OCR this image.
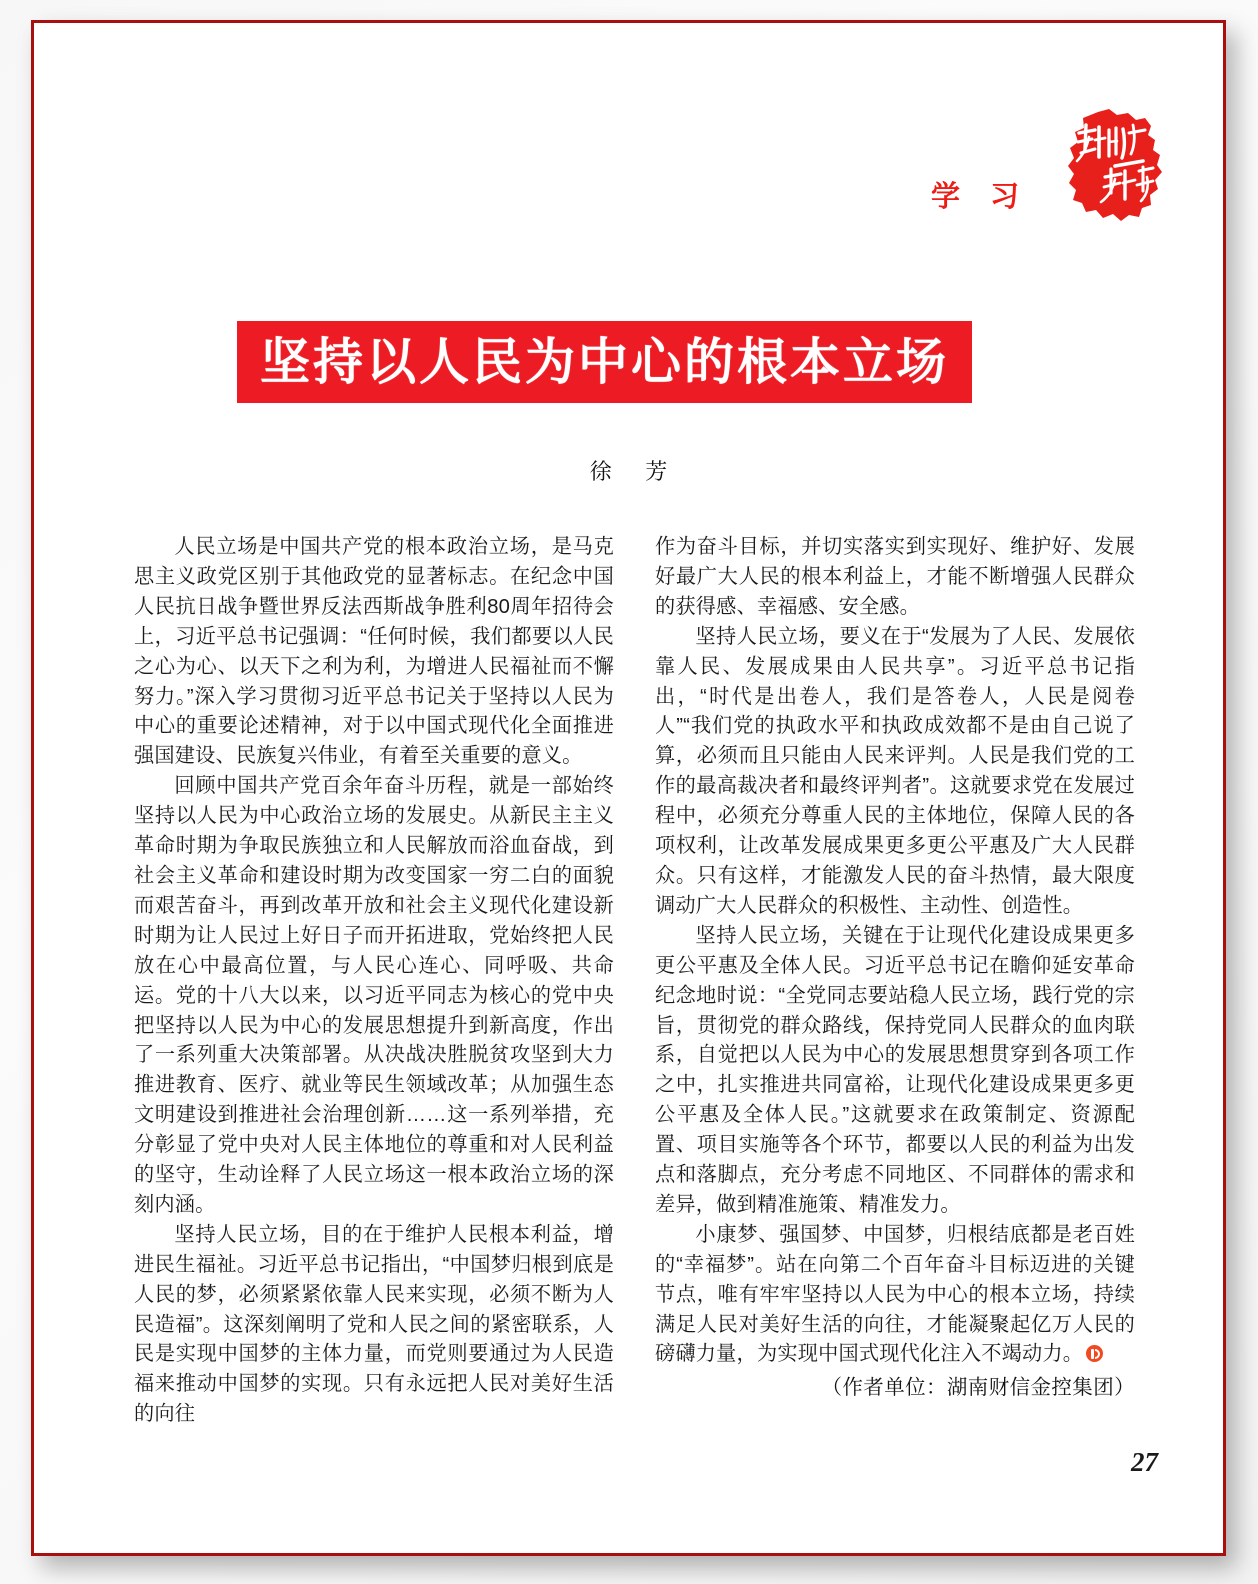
学习
坚持以人民为中心的根本立场
徐 芳

人民立场是中国共产党的根本政治立场，是马克思主义政党区别于其他政党的显著标志。在纪念中国人民抗日战争暨世界反法西斯战争胜利80周年招待会上，习近平总书记强调：“任何时候，我们都要以人民之心为心、以天下之利为利，为增进人民福祉而不懈努力。”深入学习贯彻习近平总书记关于坚持以人民为中心的重要论述精神，对于以中国式现代化全面推进强国建设、民族复兴伟业，有着至关重要的意义。

回顾中国共产党百余年奋斗历程，就是一部始终坚持以人民为中心政治立场的发展史。从新民主主义革命时期为争取民族独立和人民解放而浴血奋战，到社会主义革命和建设时期为改变国家一穷二白的面貌而艰苦奋斗，再到改革开放和社会主义现代化建设新时期为让人民过上好日子而开拓进取，党始终把人民放在心中最高位置，与人民心连心、同呼吸、共命运。党的十八大以来，以习近平同志为核心的党中央把坚持以人民为中心的发展思想提升到新高度，作出了一系列重大决策部署。从决战决胜脱贫攻坚到大力推进教育、医疗、就业等民生领域改革；从加强生态文明建设到推进社会治理创新……这一系列举措，充分彰显了党中央对人民主体地位的尊重和对人民利益的坚守，生动诠释了人民立场这一根本政治立场的深刻内涵。

坚持人民立场，目的在于维护人民根本利益，增进民生福祉。习近平总书记指出，“中国梦归根到底是人民的梦，必须紧紧依靠人民来实现，必须不断为人民造福”。这深刻阐明了党和人民之间的紧密联系，人民是实现中国梦的主体力量，而党则要通过为人民造福来推动中国梦的实现。只有永远把人民对美好生活的向往

作为奋斗目标，并切实落实到实现好、维护好、发展好最广大人民的根本利益上，才能不断增强人民群众的获得感、幸福感、安全感。

坚持人民立场，要义在于“发展为了人民、发展依靠人民、发展成果由人民共享”。习近平总书记指出，“时代是出卷人，我们是答卷人，人民是阅卷人”“我们党的执政水平和执政成效都不是由自己说了算，必须而且只能由人民来评判。人民是我们党的工作的最高裁决者和最终评判者”。这就要求党在发展过程中，必须充分尊重人民的主体地位，保障人民的各项权利，让改革发展成果更多更公平惠及广大人民群众。只有这样，才能激发人民的奋斗热情，最大限度调动广大人民群众的积极性、主动性、创造性。

坚持人民立场，关键在于让现代化建设成果更多更公平惠及全体人民。习近平总书记在瞻仰延安革命纪念地时说：“全党同志要站稳人民立场，践行党的宗旨，贯彻党的群众路线，保持党同人民群众的血肉联系，自觉把以人民为中心的发展思想贯穿到各项工作之中，扎实推进共同富裕，让现代化建设成果更多更公平惠及全体人民。”这就要求在政策制定、资源配置、项目实施等各个环节，都要以人民的利益为出发点和落脚点，充分考虑不同地区、不同群体的需求和差异，做到精准施策、精准发力。

小康梦、强国梦、中国梦，归根结底都是老百姓的“幸福梦”。站在向第二个百年奋斗目标迈进的关键节点，唯有牢牢坚持以人民为中心的根本立场，持续满足人民对美好生活的向往，才能凝聚起亿万人民的磅礴力量，为实现中国式现代化注入不竭动力。

（作者单位：湖南财信金控集团）
27
